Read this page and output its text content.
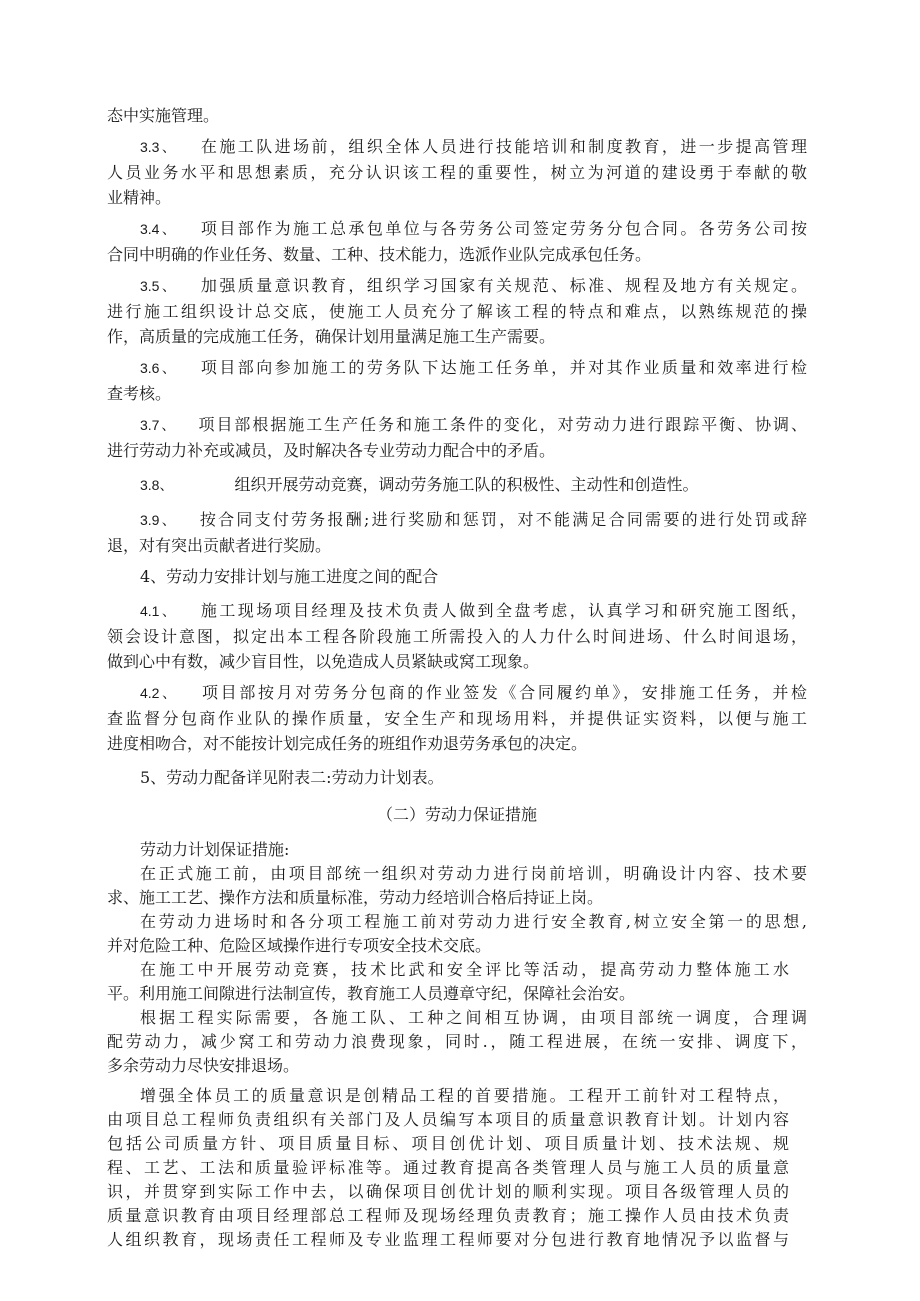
态中实施管理。
3.3、 在施工队进场前，组织全体人员进行技能培训和制度教育，进一步提高管理
人员业务水平和思想素质，充分认识该工程的重要性，树立为河道的建设勇于奉献的敬
业精神。
3.4、 项目部作为施工总承包单位与各劳务公司签定劳务分包合同。各劳务公司按
合同中明确的作业任务、数量、工种、技术能力，选派作业队完成承包任务。
3.5、 加强质量意识教育，组织学习国家有关规范、标准、规程及地方有关规定。
进行施工组织设计总交底，使施工人员充分了解该工程的特点和难点，以熟练规范的操
作，高质量的完成施工任务，确保计划用量满足施工生产需要。
3.6、 项目部向参加施工的劳务队下达施工任务单，并对其作业质量和效率进行检
查考核。
3.7、 项目部根据施工生产任务和施工条件的变化，对劳动力进行跟踪平衡、协调、
进行劳动力补充或减员，及时解决各专业劳动力配合中的矛盾。
3.8、	组织开展劳动竞赛，调动劳务施工队的积极性、主动性和创造性。
3.9、 按合同支付劳务报酬;进行奖励和惩罚，对不能满足合同需要的进行处罚或辞
退，对有突出贡献者进行奖励。
4、劳动力安排计划与施工进度之间的配合
4.1、 施工现场项目经理及技术负责人做到全盘考虑，认真学习和研究施工图纸，
领会设计意图，拟定出本工程各阶段施工所需投入的人力什么时间进场、什么时间退场，
做到心中有数，减少盲目性，以免造成人员紧缺或窝工现象。
4.2、 项目部按月对劳务分包商的作业签发《合同履约单》，安排施工任务，并检
查监督分包商作业队的操作质量，安全生产和现场用料，并提供证实资料，以便与施工
进度相吻合，对不能按计划完成任务的班组作劝退劳务承包的决定。
5、劳动力配备详见附表二:劳动力计划表。
（二）劳动力保证措施
劳动力计划保证措施:
在正式施工前，由项目部统一组织对劳动力进行岗前培训，明确设计内容、技术要
求、施工工艺、操作方法和质量标准，劳动力经培训合格后持证上岗。
在劳动力进场时和各分项工程施工前对劳动力进行安全教育,树立安全第一的思想,
并对危险工种、危险区域操作进行专项安全技术交底。
在施工中开展劳动竞赛，技术比武和安全评比等活动，提高劳动力整体施工水
平。利用施工间隙进行法制宣传，教育施工人员遵章守纪，保障社会治安。
根据工程实际需要，各施工队、工种之间相互协调，由项目部统一调度，合理调
配劳动力，减少窝工和劳动力浪费现象，同时.，随工程进展，在统一安排、调度下，
多余劳动力尽快安排退场。
增强全体员工的质量意识是创精品工程的首要措施。工程开工前针对工程特点，
由项目总工程师负责组织有关部门及人员编写本项目的质量意识教育计划。计划内容
包括公司质量方针、项目质量目标、项目创优计划、项目质量计划、技术法规、规
程、工艺、工法和质量验评标准等。通过教育提高各类管理人员与施工人员的质量意
识，并贯穿到实际工作中去，以确保项目创优计划的顺利实现。项目各级管理人员的
质量意识教育由项目经理部总工程师及现场经理负责教育；施工操作人员由技术负责
人组织教育，现场责任工程师及专业监理工程师要对分包进行教育地情况予以监督与
